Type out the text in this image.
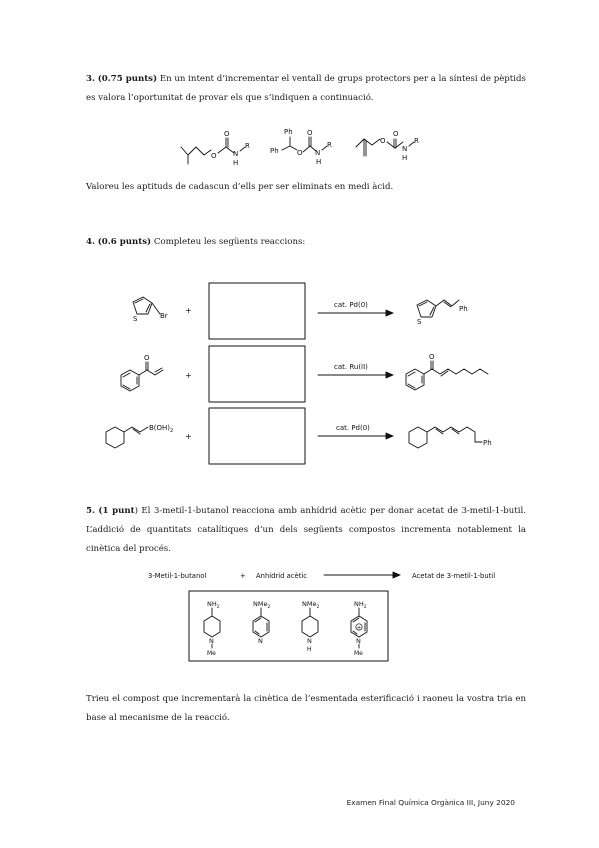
3. (0.75 punts) En un intent d’incrementar el ventall de grups protectors per a la síntesi de pèptids es valora l’oportunitat de provar els que s’indiquen a continuació.
Valoreu les aptituds de cadascun d’ells per ser eliminats en medi àcid.
4. (0.6 punts) Completeu les següents reaccions:
5. (1 punt) El 3-metil-1-butanol reacciona amb anhídrid acètic per donar acetat de 3-metil-1-butil. L’addició de quantitats catalítiques d’un dels següents compostos incrementa notablement la cinètica del procés.
Trieu el compost que incrementarà la cinètica de l’esmentada esterificació i raoneu la vostra tria en base al mecanisme de la reacció.
Examen Final Química Orgànica III, Juny 2020
O
O
N
R
H
Ph
Ph	O
O
N
R
H
O
O
N
R
H
S	Br
+
cat. Pd(0)
S
Ph
O
+
cat. Ru(II)
O
$B(OH)_2$
+
cat. Pd(0)
Ph
3-Metil-1-butanol	+ Anhídrid acètic	Acetat de 3-metil-1-butil
$NH_2$
N
Me
NMe$_2$
N
NMe$_2$
N
H
$NH_2$
+
N
Me
